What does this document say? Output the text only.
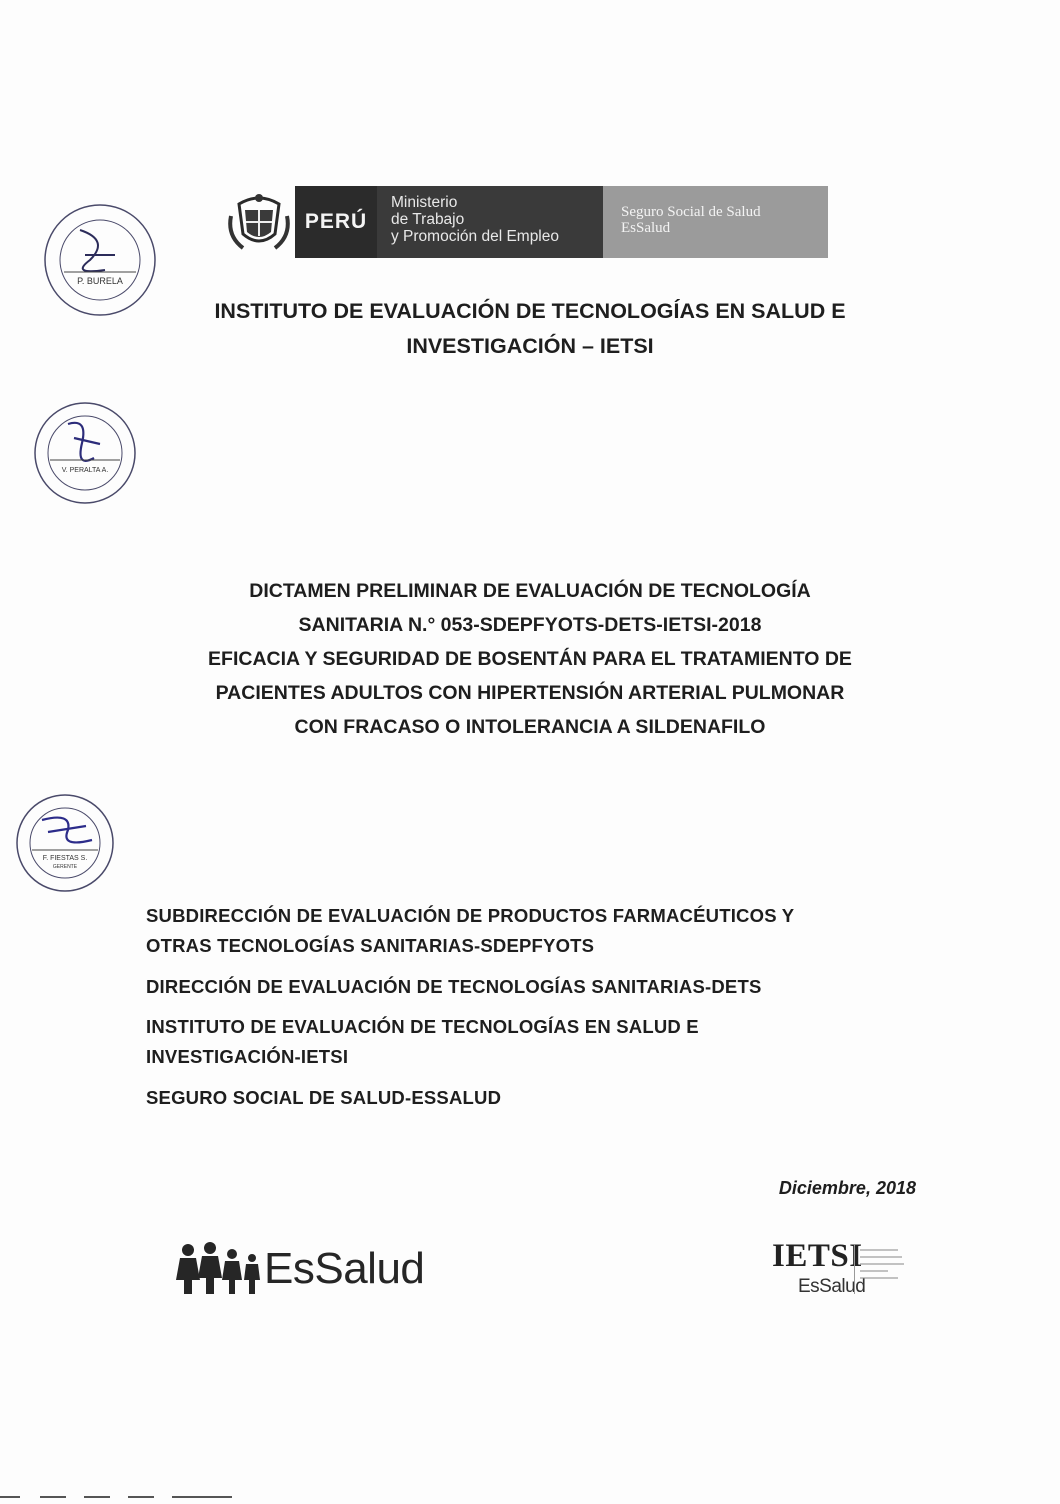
PERÚ
Ministerio
de Trabajo
y Promoción del Empleo
Seguro Social de Salud
EsSalud
P. BURELA
V. PERALTA A.
F. FIESTAS S.
GERENTE
INSTITUTO DE EVALUACIÓN DE TECNOLOGÍAS EN SALUD E
INVESTIGACIÓN – IETSI
DICTAMEN PRELIMINAR DE EVALUACIÓN DE TECNOLOGÍA
SANITARIA N.° 053-SDEPFYOTS-DETS-IETSI-2018
EFICACIA Y SEGURIDAD DE BOSENTÁN PARA EL TRATAMIENTO DE
PACIENTES ADULTOS CON HIPERTENSIÓN ARTERIAL PULMONAR
CON FRACASO O INTOLERANCIA A SILDENAFILO
SUBDIRECCIÓN DE EVALUACIÓN DE PRODUCTOS FARMACÉUTICOS Y
OTRAS TECNOLOGÍAS SANITARIAS-SDEPFYOTS
DIRECCIÓN DE EVALUACIÓN DE TECNOLOGÍAS SANITARIAS-DETS
INSTITUTO DE EVALUACIÓN DE TECNOLOGÍAS EN SALUD E
INVESTIGACIÓN-IETSI
SEGURO SOCIAL DE SALUD-ESSALUD
Diciembre, 2018
EsSalud	IETSI
EsSalud
